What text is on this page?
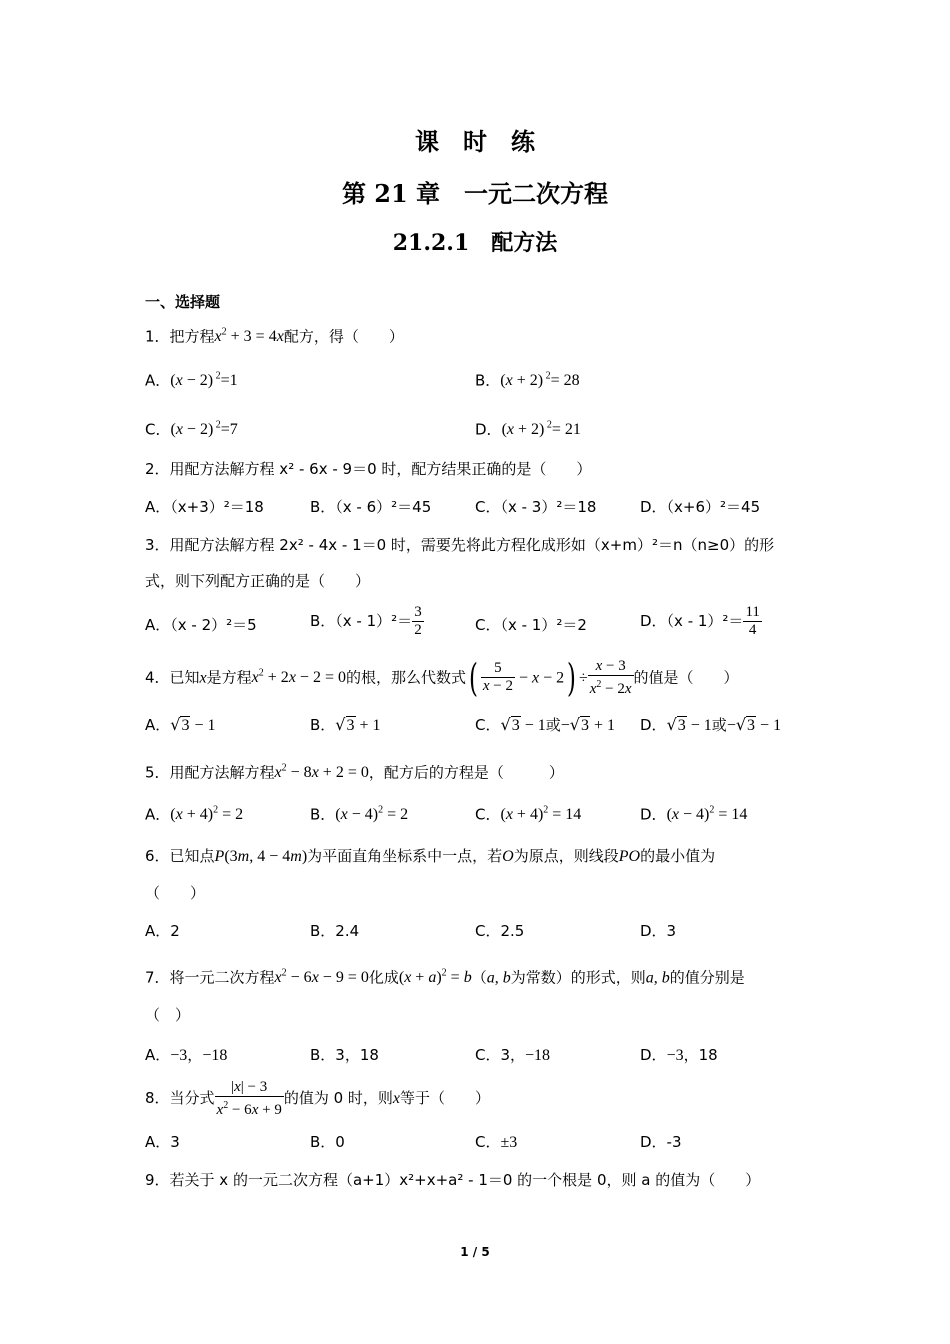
课　时　练
第 21 章　一元二次方程
21.2.1　配方法
一、选择题
1．把方程$x^2 + 3 = 4x$配方，得（　　）
A．(x − 2) $^2$=1	B．(x + 2) $^2$= 28
C．(x − 2) $^2$=7	D．(x + 2) $^2$= 21
2．用配方法解方程 x² - 6x - 9＝0 时，配方结果正确的是（　　）
A．（x+3）²＝18	B．（x - 6）²＝45	C．（x - 3）²＝18	D．（x+6）²＝45
3．用配方法解方程 2x² - 4x - 1＝0 时，需要先将此方程化成形如（x+m）²＝n（n≥0）的形
式，则下列配方正确的是（　　）
A．（x - 2）²＝5	B．$(x - 1)^2= \frac{3}{2}$	C．（x - 1）²＝2	D．$(x - 1)^2= \frac{11}{4}$
4．已知x是方程$x^2 + 2x - 2 = 0$的根，那么代数式( $\frac{5}{x - 2} - x - 2) \div \frac{x - 3}{x^2 - 2x}$ 的值是（　　）
A．√3 − 1	B．√3 + 1	C．√3 − 1或−√3 + 1 D．√3 − 1或−√3 − 1
5．用配方法解方程$x^2 - 8x + 2 = 0$，配方后的方程是（　　　）
A．$(x + 4)^2 = 2$	B．$(x - 4)^2 = 2$	C．$(x + 4)^2 = 14$	D．$(x - 4)^2 = 14$
6．已知点P(3m, 4 − 4m)为平面直角坐标系中一点，若O为原点，则线段PO的最小值为
（　　）
A．2	B．2.4	C．2.5	D．3
7．将一元二次方程$x^2 - 6x - 9 = 0$化成$(x + a)^2 = b(a$, b为常数）的形式，则a, b的值分别是
（　）
A．−3，−18	B．3，18	C．3，−18	D．−3，18
8．当分式 $\frac{|x| - 3}{x^2 - 6x + 9}$ 的值为 0 时，则x等于（　　）
A．3	B．0	C．±3	D．-3
9．若关于 x 的一元二次方程（a+1）x²+x+a² - 1＝0 的一个根是 0，则 a 的值为（　　）
1 / 5
